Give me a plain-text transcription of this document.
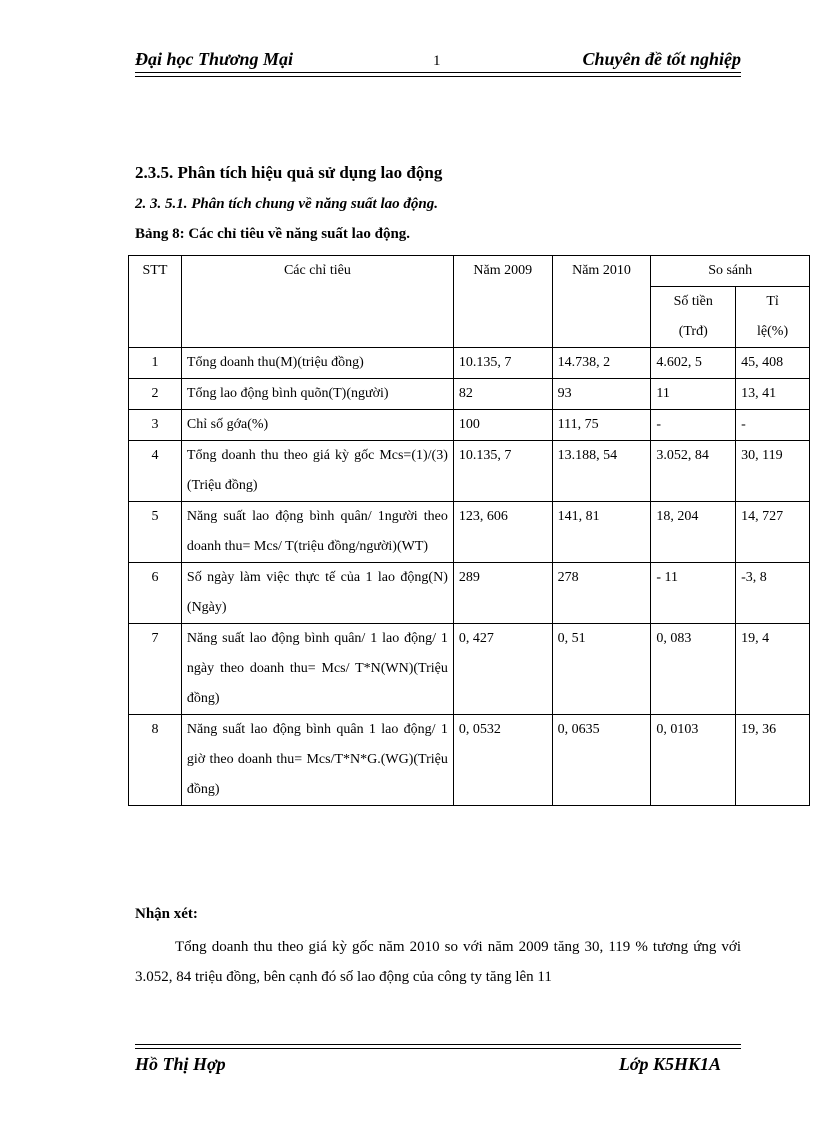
Đại học Thương Mại	1	Chuyên đề tốt nghiệp
2.3.5. Phân tích hiệu quả sử dụng lao động
2. 3. 5.1. Phân tích chung về năng suất lao động.
Bảng 8: Các chỉ tiêu về năng suất lao động.
STT	Các chỉ tiêu	Năm 2009	Năm 2010	So sánh	
				Số tiền	Tỉ
				(Trđ)	lệ(%)
1	Tổng doanh thu(M)(triệu đồng)	10.135, 7	14.738, 2	4.602, 5	45, 408
2	Tổng lao động bình quõn(T)(người)	82	93	11	13, 41
3	Chỉ số gớa(%)	100	111, 75	-	-
4	Tổng doanh thu theo giá kỳ gốc Mcs=(1)/(3)(Triệu đồng)	10.135, 7	13.188, 54	3.052, 84	30, 119
5	Năng suất lao động bình quân/ 1người theo doanh thu= Mcs/ T(triệu đồng/người)(WT)	123, 606	141, 81	18, 204	14, 727
6	Số ngày làm việc thực tế của 1 lao động(N)(Ngày)	289	278	- 11	-3, 8
7	Năng suất lao động bình quân/ 1 lao động/ 1 ngày theo doanh thu= Mcs/ T*N(WN)(Triệu đồng)	0, 427	0, 51	0, 083	19, 4
8	Năng suất lao động bình quân 1 lao động/ 1 giờ theo doanh thu= Mcs/T*N*G.(WG)(Triệu đồng)	0, 0532	0, 0635	0, 0103	19, 36
Nhận xét:

Tổng doanh thu theo giá kỳ gốc năm 2010 so với năm 2009 tăng 30, 119 % tương ứng với 3.052, 84 triệu đồng, bên cạnh đó số lao động của công ty tăng lên 11

Hồ Thị Hợp	Lớp K5HK1A
